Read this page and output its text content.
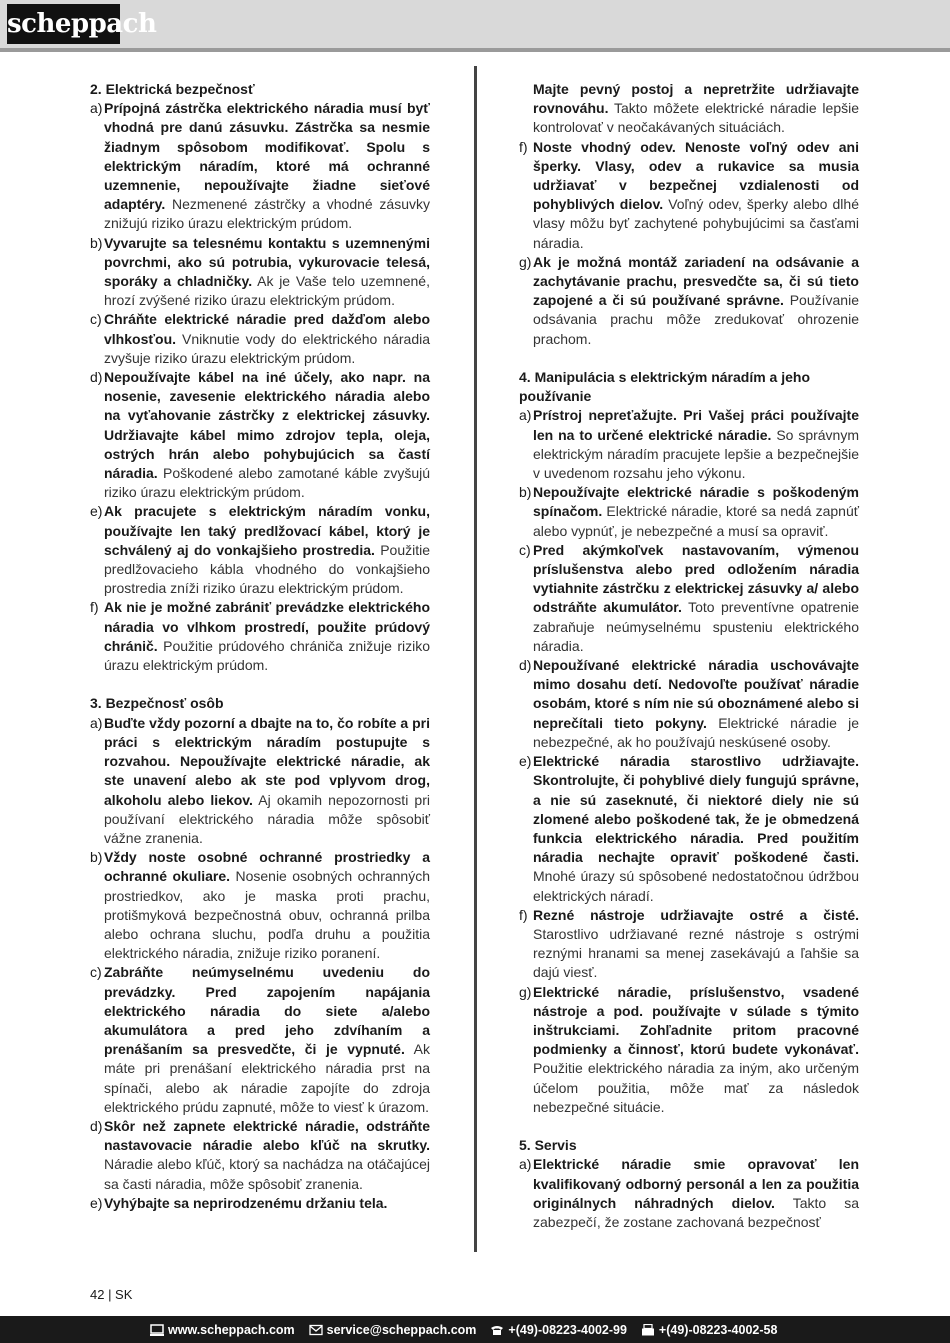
scheppach
2. Elektrická bezpečnosť
a) Prípojná zástrčka elektrického náradia musí byť vhodná pre danú zásuvku. Zástrčka sa nesmie žiadnym spôsobom modifikovať. Spolu s elektrickým náradím, ktoré má ochranné uzemnenie, nepoužívajte žiadne sieťové adaptéry. Nezmenené zástrčky a vhodné zásuvky znižujú riziko úrazu elektrickým prúdom.
b) Vyvarujte sa telesnému kontaktu s uzemnenými povrchmi, ako sú potrubia, vykurovacie telesá, sporáky a chladničky. Ak je Vaše telo uzemnené, hrozí zvýšené riziko úrazu elektrickým prúdom.
c) Chráňte elektrické náradie pred dažďom alebo vlhkosťou. Vniknutie vody do elektrického náradia zvyšuje riziko úrazu elektrickým prúdom.
d) Nepoužívajte kábel na iné účely, ako napr. na nosenie, zavesenie elektrického náradia alebo na vyťahovanie zástrčky z elektrickej zásuvky. Udržiavajte kábel mimo zdrojov tepla, oleja, ostrých hrán alebo pohybujúcich sa častí náradia. Poškodené alebo zamotané káble zvyšujú riziko úrazu elektrickým prúdom.
e) Ak pracujete s elektrickým náradím vonku, používajte len taký predlžovací kábel, ktorý je schválený aj do vonkajšieho prostredia. Použitie predlžovacieho kábla vhodného do vonkajšieho prostredia zníži riziko úrazu elektrickým prúdom.
f) Ak nie je možné zabrániť prevádzke elektrického náradia vo vlhkom prostredí, použite prúdový chránič. Použitie prúdového chrániča znižuje riziko úrazu elektrickým prúdom.
3. Bezpečnosť osôb
a) Buďte vždy pozorní a dbajte na to, čo robíte a pri práci s elektrickým náradím postupujte s rozvahou. Nepoužívajte elektrické náradie, ak ste unavení alebo ak ste pod vplyvom drog, alkoholu alebo liekov. Aj okamih nepozornosti pri používaní elektrického náradia môže spôsobiť vážne zranenia.
b) Vždy noste osobné ochranné prostriedky a ochranné okuliare. Nosenie osobných ochranných prostriedkov, ako je maska proti prachu, protišmyková bezpečnostná obuv, ochranná prilba alebo ochrana sluchu, podľa druhu a použitia elektrického náradia, znižuje riziko poranení.
c) Zabráňte neúmyselnému uvedeniu do prevádzky. Pred zapojením napájania elektrického náradia do siete a/alebo akumulátora a pred jeho zdvíhaním a prenášaním sa presvedčte, či je vypnuté. Ak máte pri prenášaní elektrického náradia prst na spínači, alebo ak náradie zapojíte do zdroja elektrického prúdu zapnuté, môže to viesť k úrazom.
d) Skôr než zapnete elektrické náradie, odstráňte nastavovacie náradie alebo kľúč na skrutky. Náradie alebo kľúč, ktorý sa nachádza na otáčajúcej sa časti náradia, môže spôsobiť zranenia.
e) Vyhýbajte sa neprirodzenému držaniu tela.
Majte pevný postoj a nepretržite udržiavajte rovnováhu. Takto môžete elektrické náradie lepšie kontrolovať v neočakávaných situáciách.
f) Noste vhodný odev. Nenoste voľný odev ani šperky. Vlasy, odev a rukavice sa musia udržiavať v bezpečnej vzdialenosti od pohyblivých dielov. Voľný odev, šperky alebo dlhé vlasy môžu byť zachytené pohybujúcimi sa časťami náradia.
g) Ak je možná montáž zariadení na odsávanie a zachytávanie prachu, presvedčte sa, či sú tieto zapojené a či sú používané správne. Používanie odsávania prachu môže zredukovať ohrozenie prachom.
4. Manipulácia s elektrickým náradím a jeho používanie
a) Prístroj nepreťažujte. Pri Vašej práci používajte len na to určené elektrické náradie. So správnym elektrickým náradím pracujete lepšie a bezpečnejšie v uvedenom rozsahu jeho výkonu.
b) Nepoužívajte elektrické náradie s poškodeným spínačom. Elektrické náradie, ktoré sa nedá zapnúť alebo vypnúť, je nebezpečné a musí sa opraviť.
c) Pred akýmkoľvek nastavovaním, výmenou príslušenstva alebo pred odložením náradia vytiahnite zástrčku z elektrickej zásuvky a/ alebo odstráňte akumulátor. Toto preventívne opatrenie zabraňuje neúmyselnému spusteniu elektrického náradia.
d) Nepoužívané elektrické náradia uschovávajte mimo dosahu detí. Nedovoľte používať náradie osobám, ktoré s ním nie sú oboznámené alebo si neprečítali tieto pokyny. Elektrické náradie je nebezpečné, ak ho používajú neskúsené osoby.
e) Elektrické náradia starostlivo udržiavajte. Skontrolujte, či pohyblivé diely fungujú správne, a nie sú zaseknuté, či niektoré diely nie sú zlomené alebo poškodené tak, že je obmedzená funkcia elektrického náradia. Pred použitím náradia nechajte opraviť poškodené časti. Mnohé úrazy sú spôsobené nedostatočnou údržbou elektrických náradí.
f) Rezné nástroje udržiavajte ostré a čisté. Starostlivo udržiavané rezné nástroje s ostrými reznými hranami sa menej zasekávajú a ľahšie sa dajú viesť.
g) Elektrické náradie, príslušenstvo, vsadené nástroje a pod. používajte v súlade s týmito inštrukciami. Zohľadnite pritom pracovné podmienky a činnosť, ktorú budete vykonávať. Použitie elektrického náradia za iným, ako určeným účelom použitia, môže mať za následok nebezpečné situácie.
5. Servis
a) Elektrické náradie smie opravovať len kvalifikovaný odborný personál a len za použitia originálnych náhradných dielov. Takto sa zabezpečí, že zostane zachovaná bezpečnosť
42 | SK
www.scheppach.com	service@scheppach.com	+(49)-08223-4002-99	+(49)-08223-4002-58
